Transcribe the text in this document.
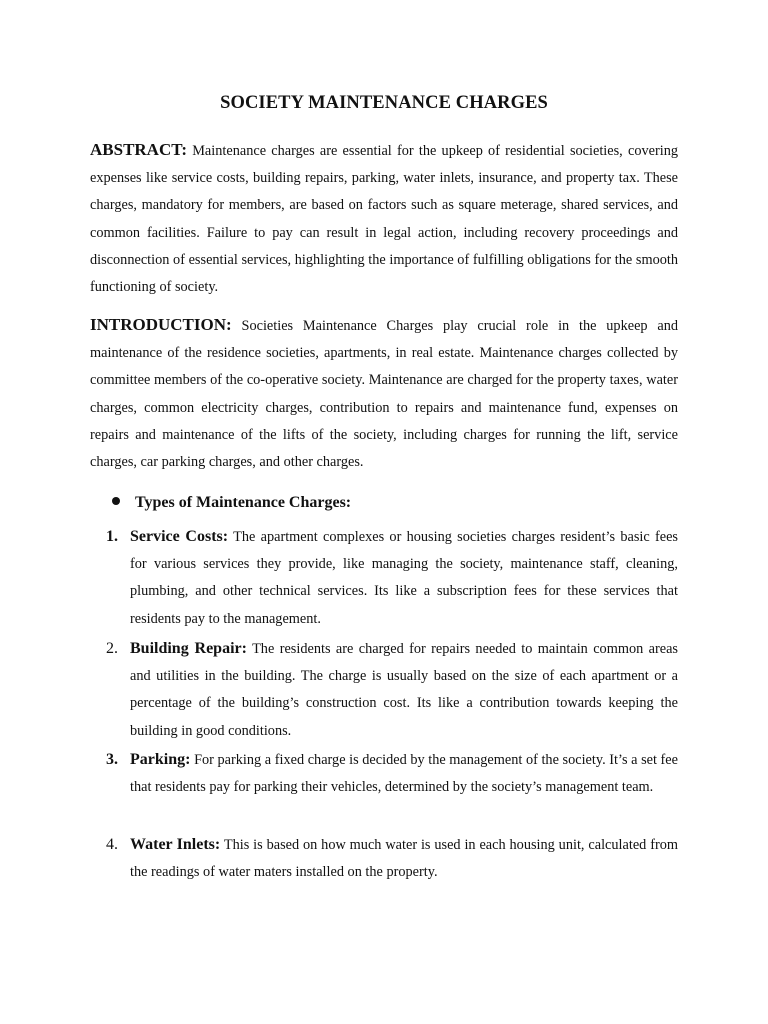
SOCIETY MAINTENANCE CHARGES

ABSTRACT: Maintenance charges are essential for the upkeep of residential societies, covering expenses like service costs, building repairs, parking, water inlets, insurance, and property tax. These charges, mandatory for members, are based on factors such as square meterage, shared services, and common facilities. Failure to pay can result in legal action, including recovery proceedings and disconnection of essential services, highlighting the importance of fulfilling obligations for the smooth functioning of society.

INTRODUCTION: Societies Maintenance Charges play crucial role in the upkeep and maintenance of the residence societies, apartments, in real estate. Maintenance charges collected by committee members of the co-operative society. Maintenance are charged for the property taxes, water charges, common electricity charges, contribution to repairs and maintenance fund, expenses on repairs and maintenance of the lifts of the society, including charges for running the lift, service charges, car parking charges, and other charges.

Types of Maintenance Charges:

1. Service Costs: The apartment complexes or housing societies charges resident’s basic fees for various services they provide, like managing the society, maintenance staff, cleaning, plumbing, and other technical services. Its like a subscription fees for these services that residents pay to the management.

2. Building Repair: The residents are charged for repairs needed to maintain common areas and utilities in the building. The charge is usually based on the size of each apartment or a percentage of the building’s construction cost. Its like a contribution towards keeping the building in good conditions.

3. Parking: For parking a fixed charge is decided by the management of the society. It’s a set fee that residents pay for parking their vehicles, determined by the society’s management team.

4. Water Inlets: This is based on how much water is used in each housing unit, calculated from the readings of water maters installed on the property.
